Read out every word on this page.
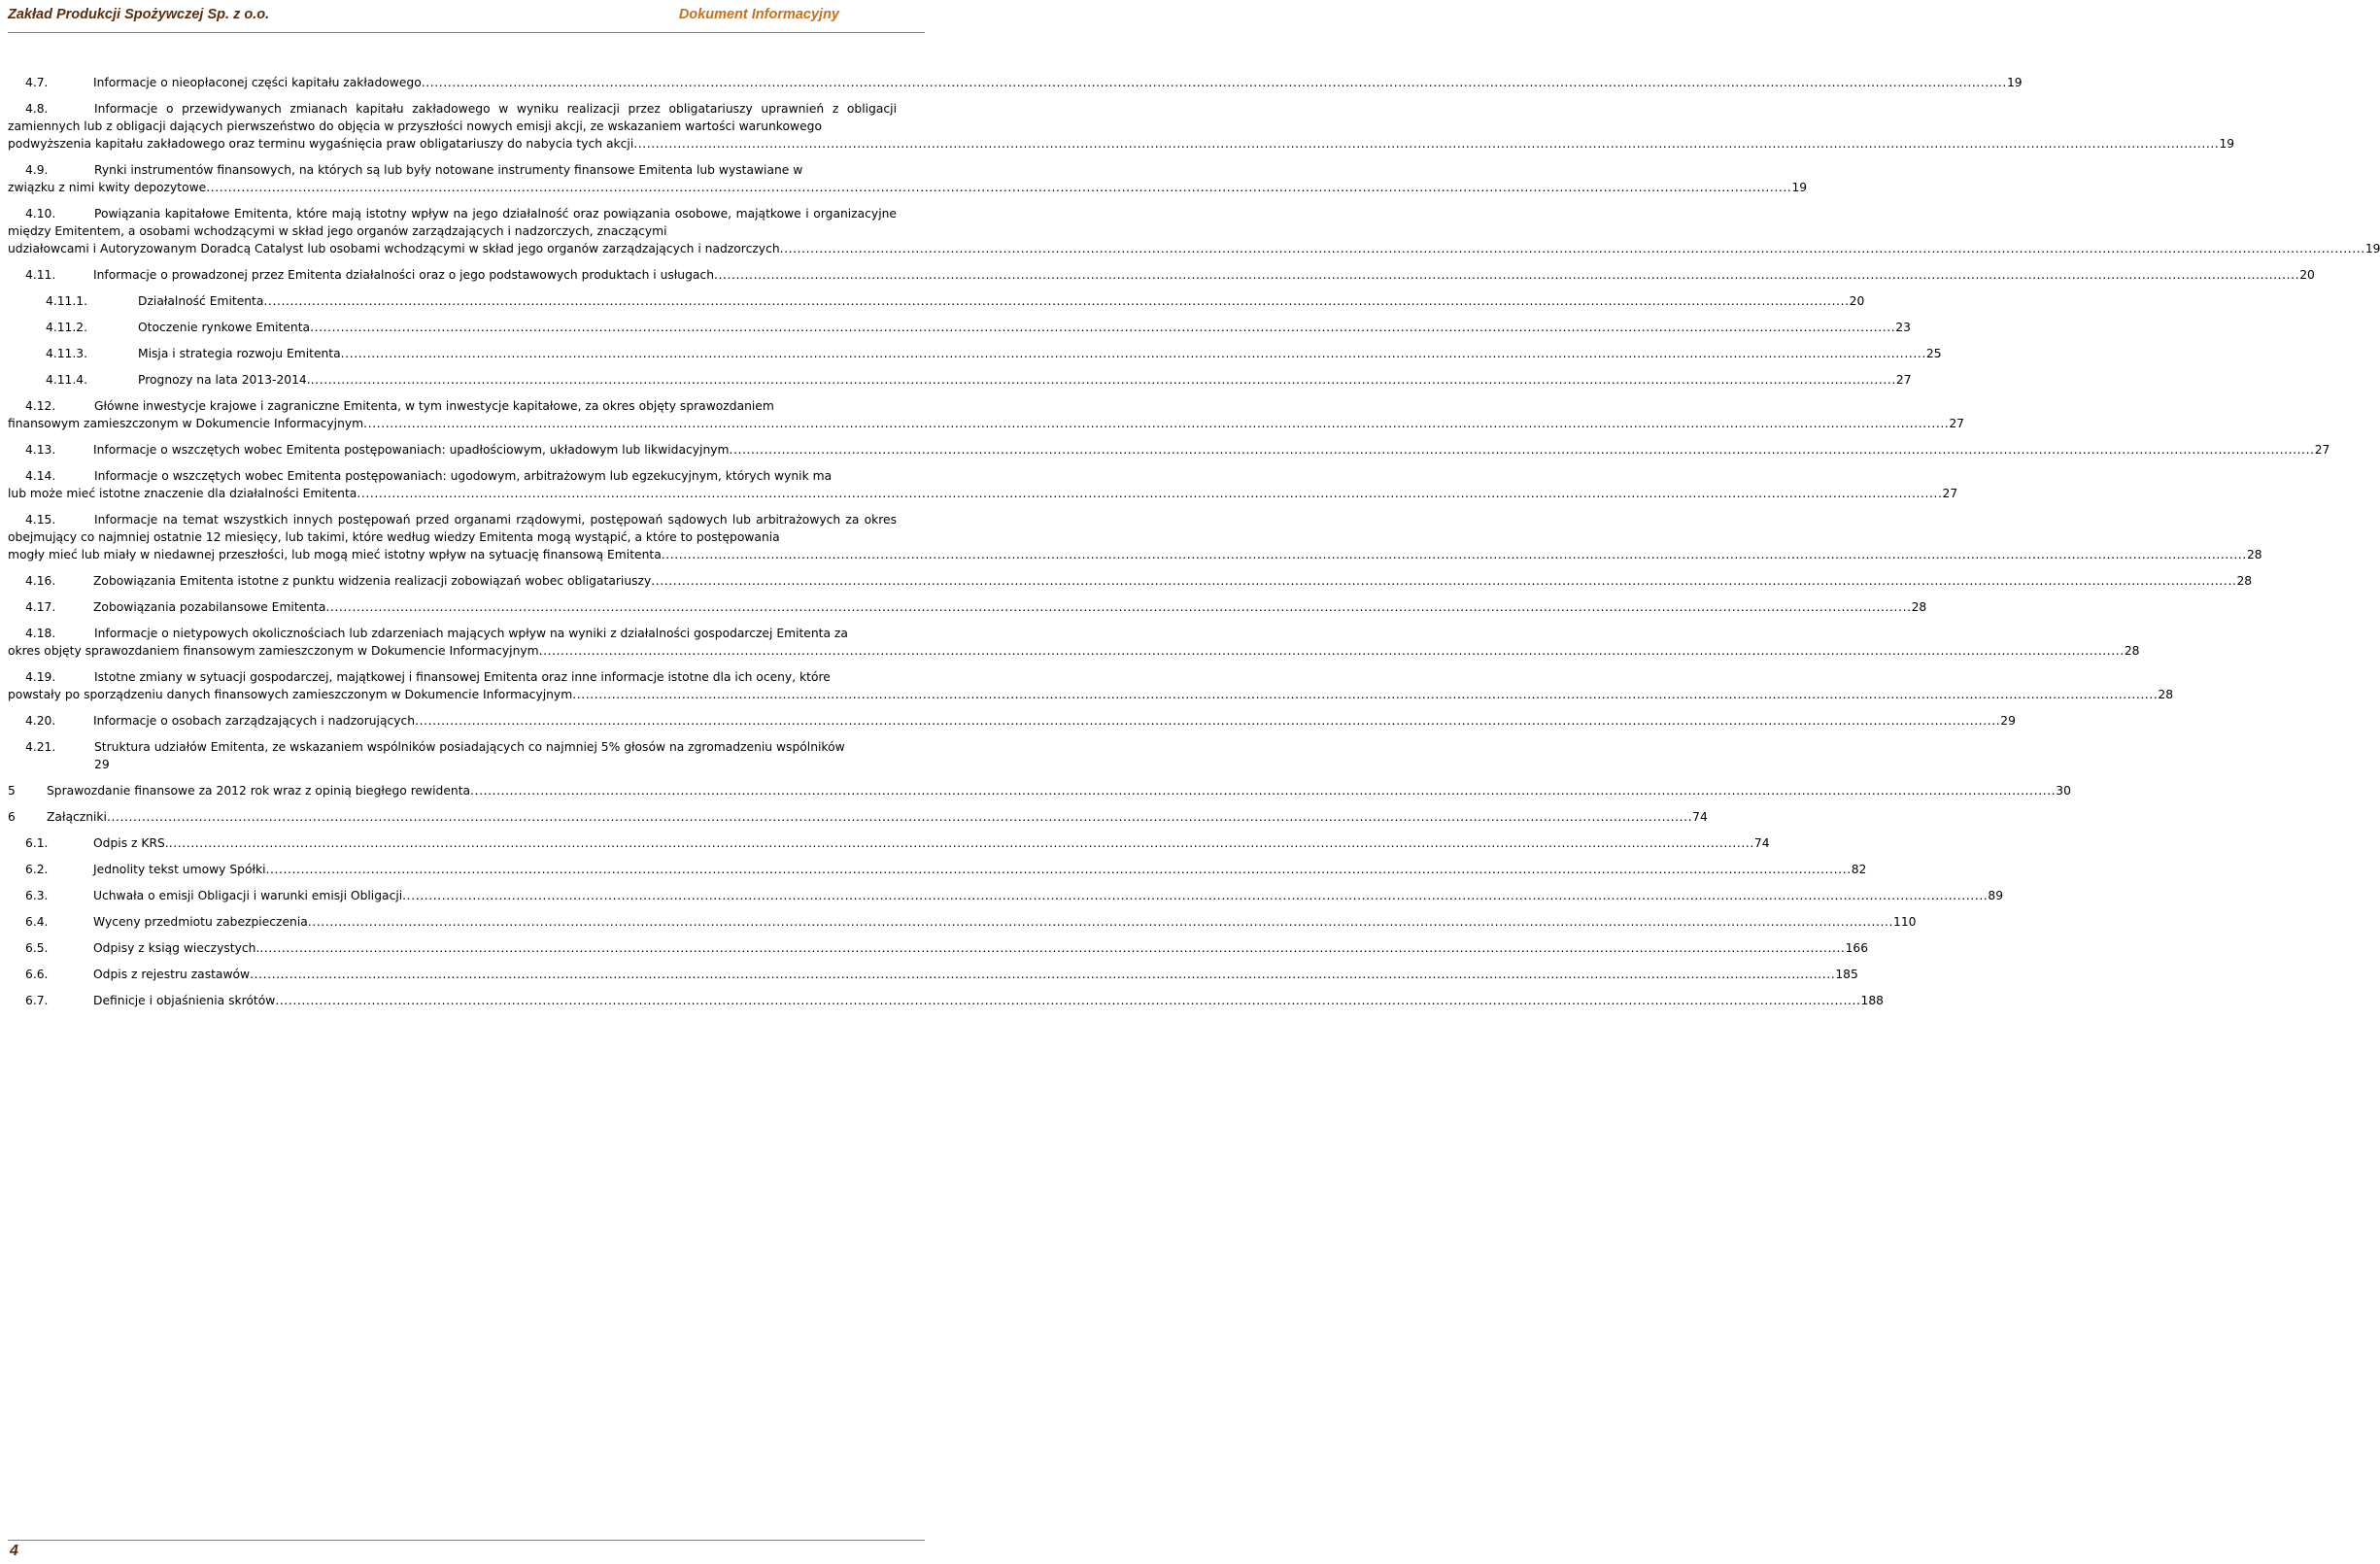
Zakład Produkcji Spożywczej Sp. z o.o.	Dokument Informacyjny
4.7.	Informacje o nieopłaconej części kapitału zakładowego .....	19
4.8.	Informacje o przewidywanych zmianach kapitału zakładowego w wyniku realizacji przez obligatariuszy uprawnień z obligacji zamiennych lub z obligacji dających pierwszeństwo do objęcia w przyszłości nowych emisji akcji, ze wskazaniem wartości warunkowego
podwyższenia kapitału zakładowego oraz terminu wygaśnięcia praw obligatariuszy do nabycia tych akcji .....	19
4.9.	Rynki instrumentów finansowych, na których są lub były notowane instrumenty finansowe Emitenta lub wystawiane w
związku z nimi kwity depozytowe .....	19
4.10.	Powiązania kapitałowe Emitenta, które mają istotny wpływ na jego działalność oraz powiązania osobowe, majątkowe i organizacyjne między Emitentem, a osobami wchodzącymi w skład jego organów zarządzających i nadzorczych, znaczącymi
udziałowcami i Autoryzowanym Doradcą Catalyst lub osobami wchodzącymi w skład jego organów zarządzających i nadzorczych .....	19
4.11.	Informacje o prowadzonej przez Emitenta działalności oraz o jego podstawowych produktach i usługach .....	20
4.11.1.	Działalność Emitenta .....	20
4.11.2.	Otoczenie rynkowe Emitenta .....	23
4.11.3.	Misja i strategia rozwoju Emitenta .....	25
4.11.4.	Prognozy na lata 2013-2014. .....	27
4.12.	Główne inwestycje krajowe i zagraniczne Emitenta, w tym inwestycje kapitałowe, za okres objęty sprawozdaniem
finansowym zamieszczonym w Dokumencie Informacyjnym .....	27
4.13.	Informacje o wszczętych wobec Emitenta postępowaniach: upadłościowym, układowym lub likwidacyjnym .....	27
4.14.	Informacje o wszczętych wobec Emitenta postępowaniach: ugodowym, arbitrażowym lub egzekucyjnym, których wynik ma
lub może mieć istotne znaczenie dla działalności Emitenta .....	27
4.15.	Informacje na temat wszystkich innych postępowań przed organami rządowymi, postępowań sądowych lub arbitrażowych za okres obejmujący co najmniej ostatnie 12 miesięcy, lub takimi, które według wiedzy Emitenta mogą wystąpić, a które to postępowania
mogły mieć lub miały w niedawnej przeszłości, lub mogą mieć istotny wpływ na sytuację finansową Emitenta .....	28
4.16.	Zobowiązania Emitenta istotne z punktu widzenia realizacji zobowiązań wobec obligatariuszy .....	28
4.17.	Zobowiązania pozabilansowe Emitenta .....	28
4.18.	Informacje o nietypowych okolicznościach lub zdarzeniach mających wpływ na wyniki z działalności gospodarczej Emitenta za
okres objęty sprawozdaniem finansowym zamieszczonym w Dokumencie Informacyjnym .....	28
4.19.	Istotne zmiany w sytuacji gospodarczej, majątkowej i finansowej Emitenta oraz inne informacje istotne dla ich oceny, które
powstały po sporządzeniu danych finansowych zamieszczonym w Dokumencie Informacyjnym .....	28
4.20.	Informacje o osobach zarządzających i nadzorujących .....	29
4.21.	Struktura udziałów Emitenta, ze wskazaniem wspólników posiadających co najmniej 5% głosów na zgromadzeniu wspólników
29
5	Sprawozdanie finansowe za 2012 rok wraz z opinią biegłego rewidenta .....	30
6	Załączniki .....	74
6.1.	Odpis z KRS. .....	74
6.2.	Jednolity tekst umowy Spółki .....	82
6.3.	Uchwała o emisji Obligacji i warunki emisji Obligacji .....	89
6.4.	Wyceny przedmiotu zabezpieczenia .....	110
6.5.	Odpisy z ksiąg wieczystych. .....	166
6.6.	Odpis z rejestru zastawów .....	185
6.7.	Definicje i objaśnienia skrótów .....	188
4
